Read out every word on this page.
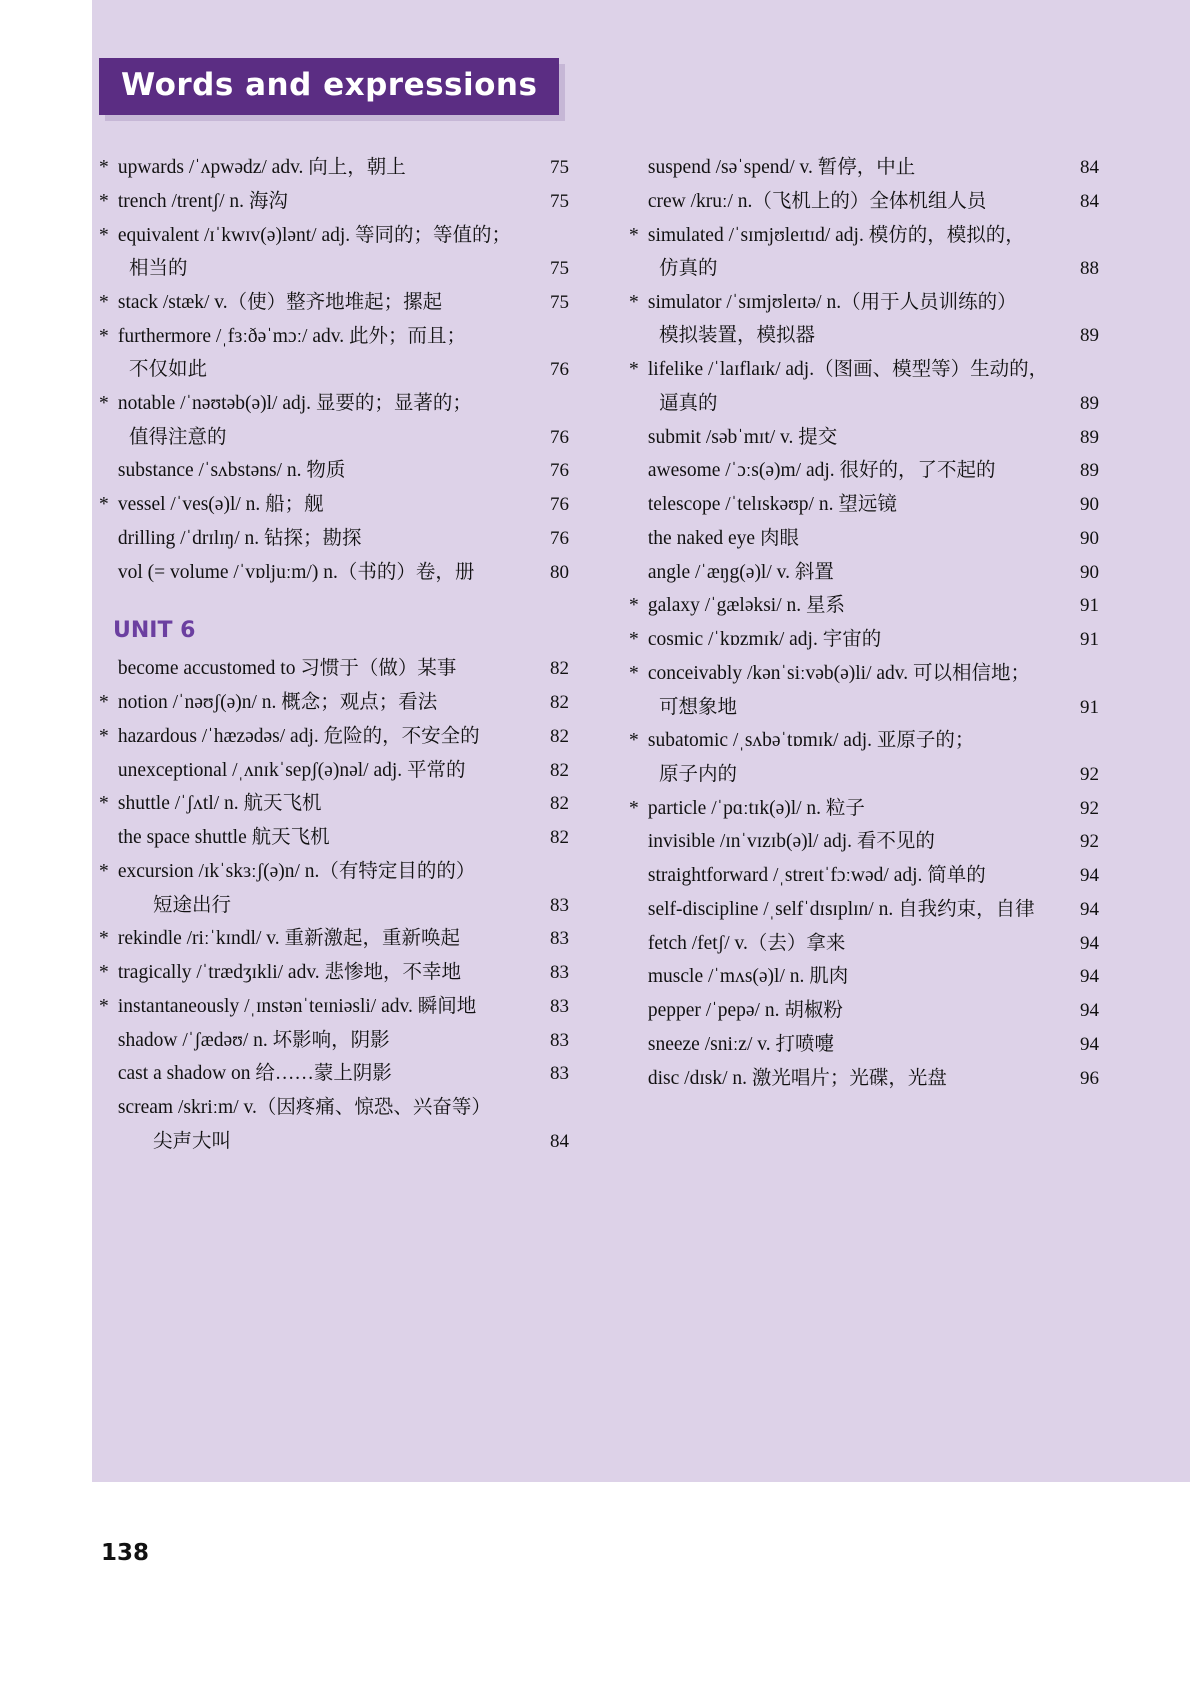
Words and expressions
* upwards /ˈʌpwədz/ adv. 向上，朝上	75
* trench /trentʃ/ n. 海沟	75
* equivalent /ɪˈkwɪv(ə)lənt/ adj. 等同的；等值的；
相当的	75
* stack /stæk/ v.（使）整齐地堆起；摞起	75
* furthermore /ˌfɜːðəˈmɔː/ adv. 此外；而且；
不仅如此	76
* notable /ˈnəʊtəb(ə)l/ adj. 显要的；显著的；
值得注意的	76
substance /ˈsʌbstəns/ n. 物质	76
* vessel /ˈves(ə)l/ n. 船；舰	76
drilling /ˈdrɪlɪŋ/ n. 钻探；勘探	76
vol (= volume /ˈvɒljuːm/) n.（书的）卷，册	80
UNIT 6
become accustomed to 习惯于（做）某事	82
* notion /ˈnəʊʃ(ə)n/ n. 概念；观点；看法	82
* hazardous /ˈhæzədəs/ adj. 危险的，不安全的	82
unexceptional /ˌʌnɪkˈsepʃ(ə)nəl/ adj. 平常的	82
* shuttle /ˈʃʌtl/ n. 航天飞机	82
the space shuttle 航天飞机	82
* excursion /ɪkˈskɜːʃ(ə)n/ n.（有特定目的的）
短途出行	83
* rekindle /riːˈkɪndl/ v. 重新激起，重新唤起	83
* tragically /ˈtrædʒɪkli/ adv. 悲惨地，不幸地	83
* instantaneously /ˌɪnstənˈteɪniəsli/ adv. 瞬间地	83
shadow /ˈʃædəʊ/ n. 坏影响，阴影	83
cast a shadow on 给……蒙上阴影	83
scream /skriːm/ v.（因疼痛、惊恐、兴奋等）
尖声大叫	84
suspend /səˈspend/ v. 暂停，中止	84
crew /kruː/ n.（飞机上的）全体机组人员	84
* simulated /ˈsɪmjʊleɪtɪd/ adj. 模仿的，模拟的，
仿真的	88
* simulator /ˈsɪmjʊleɪtə/ n.（用于人员训练的）
模拟装置，模拟器	89
* lifelike /ˈlaɪflaɪk/ adj.（图画、模型等）生动的，
逼真的	89
submit /səbˈmɪt/ v. 提交	89
awesome /ˈɔːs(ə)m/ adj. 很好的，了不起的	89
telescope /ˈtelɪskəʊp/ n. 望远镜	90
the naked eye 肉眼	90
angle /ˈæŋg(ə)l/ v. 斜置	90
* galaxy /ˈgæləksi/ n. 星系	91
* cosmic /ˈkɒzmɪk/ adj. 宇宙的	91
* conceivably /kənˈsiːvəb(ə)li/ adv. 可以相信地；
可想象地	91
* subatomic /ˌsʌbəˈtɒmɪk/ adj. 亚原子的；
原子内的	92
* particle /ˈpɑːtɪk(ə)l/ n. 粒子	92
invisible /ɪnˈvɪzɪb(ə)l/ adj. 看不见的	92
straightforward /ˌstreɪtˈfɔːwəd/ adj. 简单的	94
self-discipline /ˌselfˈdɪsɪplɪn/ n. 自我约束，自律	94
fetch /fetʃ/ v.（去）拿来	94
muscle /ˈmʌs(ə)l/ n. 肌肉	94
pepper /ˈpepə/ n. 胡椒粉	94
sneeze /sniːz/ v. 打喷嚏	94
disc /dɪsk/ n. 激光唱片；光碟，光盘	96
138
